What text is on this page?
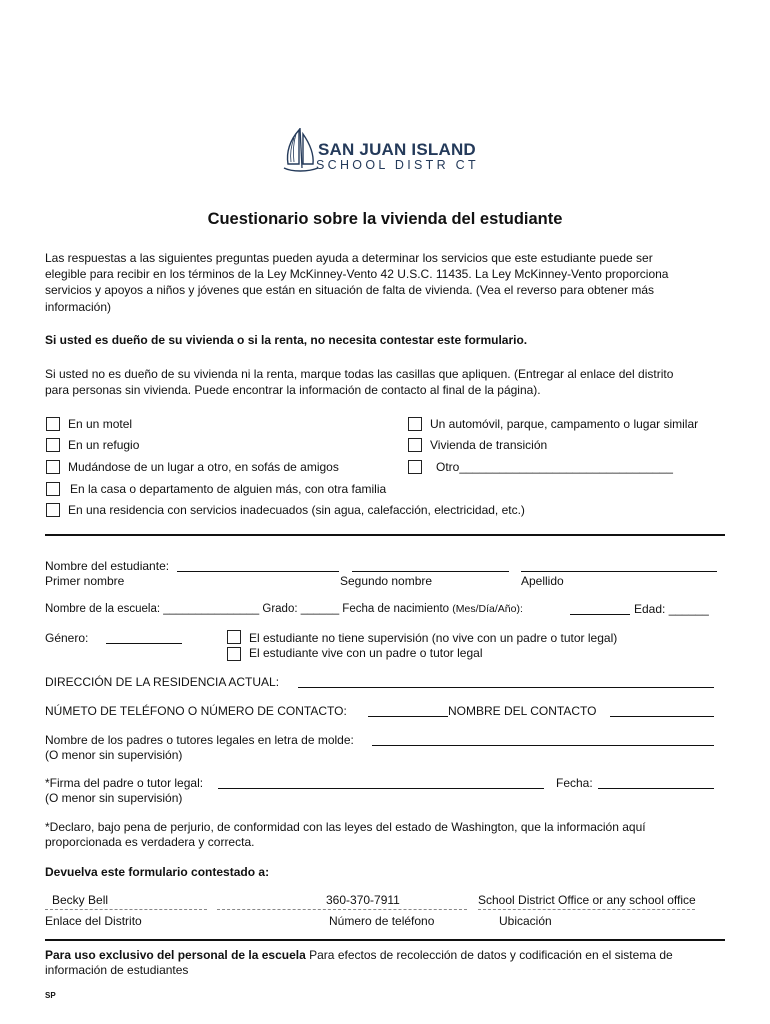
SAN JUAN ISLAND
SCHOOL DISTR CT
Cuestionario sobre la vivienda del estudiante
Las respuestas a las siguientes preguntas pueden ayuda a determinar los servicios que este estudiante puede ser
elegible para recibir en los términos de la Ley McKinney-Vento 42 U.S.C. 11435. La Ley McKinney-Vento proporciona
servicios y apoyos a niños y jóvenes que están en situación de falta de vivienda. (Vea el reverso para obtener más
información)
Si usted es dueño de su vivienda o si la renta, no necesita contestar este formulario.
Si usted no es dueño de su vivienda ni la renta, marque todas las casillas que apliquen. (Entregar al enlace del distrito
para personas sin vivienda. Puede encontrar la información de contacto al final de la página).
En un motel
En un refugio
Mudándose de un lugar a otro, en sofás de amigos
En la casa o departamento de alguien más, con otra familia
En una residencia con servicios inadecuados (sin agua, calefacción, electricidad, etc.)
Un automóvil, parque, campamento o lugar similar
Vivienda de transición
Otro________________________________
Nombre del estudiante:
Primer nombre	Segundo nombre	Apellido
Nombre de la escuela: _______________ Grado: ______ Fecha de nacimiento (Mes/Día/Año):	Edad: ______
Género:	El estudiante no tiene supervisión (no vive con un padre o tutor legal)
El estudiante vive con un padre o tutor legal
DIRECCIÓN DE LA RESIDENCIA ACTUAL:
NÚMETO DE TELÉFONO O NÚMERO DE CONTACTO:	NOMBRE DEL CONTACTO
Nombre de los padres o tutores legales en letra de molde:
(O menor sin supervisión)
*Firma del padre o tutor legal:	Fecha:
(O menor sin supervisión)
*Declaro, bajo pena de perjurio, de conformidad con las leyes del estado de Washington, que la información aquí
proporcionada es verdadera y correcta.
Devuelva este formulario contestado a:
Becky Bell	360-370-7911	School District Office or any school office
Enlace del Distrito	Número de teléfono	Ubicación
Para uso exclusivo del personal de la escuela Para efectos de recolección de datos y codificación en el sistema de
información de estudiantes
SP
